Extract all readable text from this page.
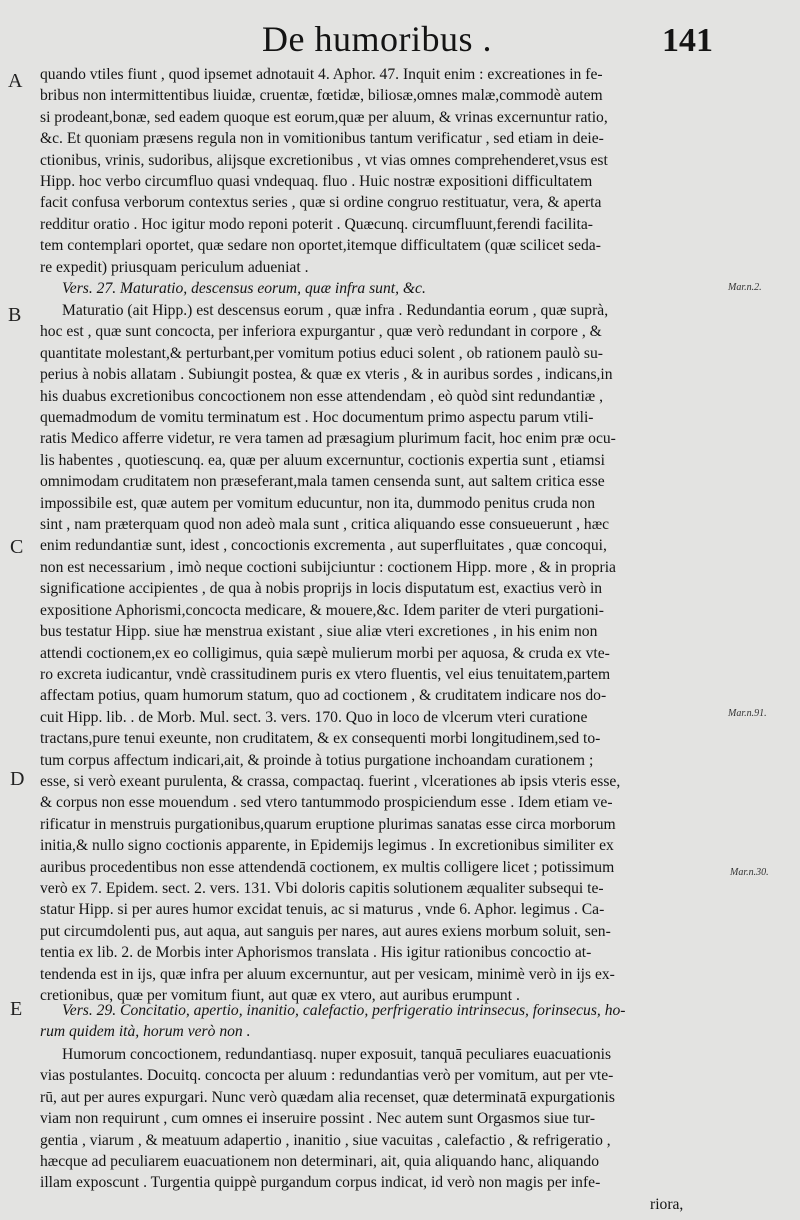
De humoribus .	141
A
B
C
D
E
Mar.n.2.
Mar.n.91.
Mar.n.30.
quando vtiles fiunt , quod ipsemet adnotauit 4. Aphor. 47. Inquit enim : excreationes in fe-
bribus non intermittentibus liuidæ, cruentæ, fœtidæ, biliosæ,omnes malæ,commodè autem
si prodeant,bonæ, sed eadem quoque est eorum,quæ per aluum, & vrinas excernuntur ratio,
&c. Et quoniam præsens regula non in vomitionibus tantum verificatur , sed etiam in deie-
ctionibus, vrinis, sudoribus, alijsque excretionibus , vt vias omnes comprehenderet,vsus est
Hipp. hoc verbo circumfluo quasi vndequaq. fluo . Huic nostræ expositioni difficultatem
facit confusa verborum contextus series , quæ si ordine congruo restituatur, vera, & aperta
redditur oratio . Hoc igitur modo reponi poterit . Quæcunq. circumfluunt,ferendi facilita-
tem contemplari oportet, quæ sedare non oportet,itemque difficultatem (quæ scilicet seda-
re expedit) priusquam periculum adueniat .
Vers. 27. Maturatio, descensus eorum, quæ infra sunt, &c.
Maturatio (ait Hipp.) est descensus eorum , quæ infra . Redundantia eorum , quæ suprà,
hoc est , quæ sunt concocta, per inferiora expurgantur , quæ verò redundant in corpore , &
quantitate molestant,& perturbant,per vomitum potius educi solent , ob rationem paulò su-
perius à nobis allatam . Subiungit postea, & quæ ex vteris , & in auribus sordes , indicans,in
his duabus excretionibus concoctionem non esse attendendam , eò quòd sint redundantiæ ,
quemadmodum de vomitu terminatum est . Hoc documentum primo aspectu parum vtili-
ratis Medico afferre videtur, re vera tamen ad præsagium plurimum facit, hoc enim præ ocu-
lis habentes , quotiescunq. ea, quæ per aluum excernuntur, coctionis expertia sunt , etiamsi
omnimodam cruditatem non præseferant,mala tamen censenda sunt, aut saltem critica esse
impossibile est, quæ autem per vomitum educuntur, non ita, dummodo penitus cruda non
sint , nam præterquam quod non adeò mala sunt , critica aliquando esse consueuerunt , hæc
enim redundantiæ sunt, idest , concoctionis excrementa , aut superfluitates , quæ concoqui,
non est necessarium , imò neque coctioni subijciuntur : coctionem Hipp. more , & in propria
significatione accipientes , de qua à nobis proprijs in locis disputatum est, exactius verò in
expositione Aphorismi,concocta medicare, & mouere,&c. Idem pariter de vteri purgationi-
bus testatur Hipp. siue hæ menstrua existant , siue aliæ vteri excretiones , in his enim non
attendi coctionem,ex eo colligimus, quia sæpè mulierum morbi per aquosa, & cruda ex vte-
ro excreta iudicantur, vndè crassitudinem puris ex vtero fluentis, vel eius tenuitatem,partem
affectam potius, quam humorum statum, quo ad coctionem , & cruditatem indicare nos do-
cuit Hipp. lib. . de Morb. Mul. sect. 3. vers. 170. Quo in loco de vlcerum vteri curatione
tractans,pure tenui exeunte, non cruditatem, & ex consequenti morbi longitudinem,sed to-
tum corpus affectum indicari,ait, & proinde à totius purgatione inchoandam curationem ;
esse, si verò exeant purulenta, & crassa, compactaq. fuerint , vlcerationes ab ipsis vteris esse,
& corpus non esse mouendum . sed vtero tantummodo prospiciendum esse . Idem etiam ve-
rificatur in menstruis purgationibus,quarum eruptione plurimas sanatas esse circa morborum
initia,& nullo signo coctionis apparente, in Epidemijs legimus . In excretionibus similiter ex
auribus procedentibus non esse attendendā coctionem, ex multis colligere licet ; potissimum
verò ex 7. Epidem. sect. 2. vers. 131. Vbi doloris capitis solutionem æqualiter subsequi te-
statur Hipp. si per aures humor excidat tenuis, ac si maturus , vnde 6. Aphor. legimus . Ca-
put circumdolenti pus, aut aqua, aut sanguis per nares, aut aures exiens morbum soluit, sen-
tentia ex lib. 2. de Morbis inter Aphorismos translata . His igitur rationibus concoctio at-
tendenda est in ijs, quæ infra per aluum excernuntur, aut per vesicam, minimè verò in ijs ex-
cretionibus, quæ per vomitum fiunt, aut quæ ex vtero, aut auribus erumpunt .
Vers. 29. Concitatio, apertio, inanitio, calefactio, perfrigeratio intrinsecus, forinsecus, ho-
rum quidem ità, horum verò non .
Humorum concoctionem, redundantiasq. nuper exposuit, tanquā peculiares euacuationis
vias postulantes. Docuitq. concocta per aluum : redundantias verò per vomitum, aut per vte-
rū, aut per aures expurgari. Nunc verò quædam alia recenset, quæ determinatā expurgationis
viam non requirunt , cum omnes ei inseruire possint . Nec autem sunt Orgasmos siue tur-
gentia , viarum , & meatuum adapertio , inanitio , siue vacuitas , calefactio , & refrigeratio ,
hæcque ad peculiarem euacuationem non determinari, ait, quia aliquando hanc, aliquando
illam exposcunt . Turgentia quippè purgandum corpus indicat, id verò non magis per infe-
riora,
